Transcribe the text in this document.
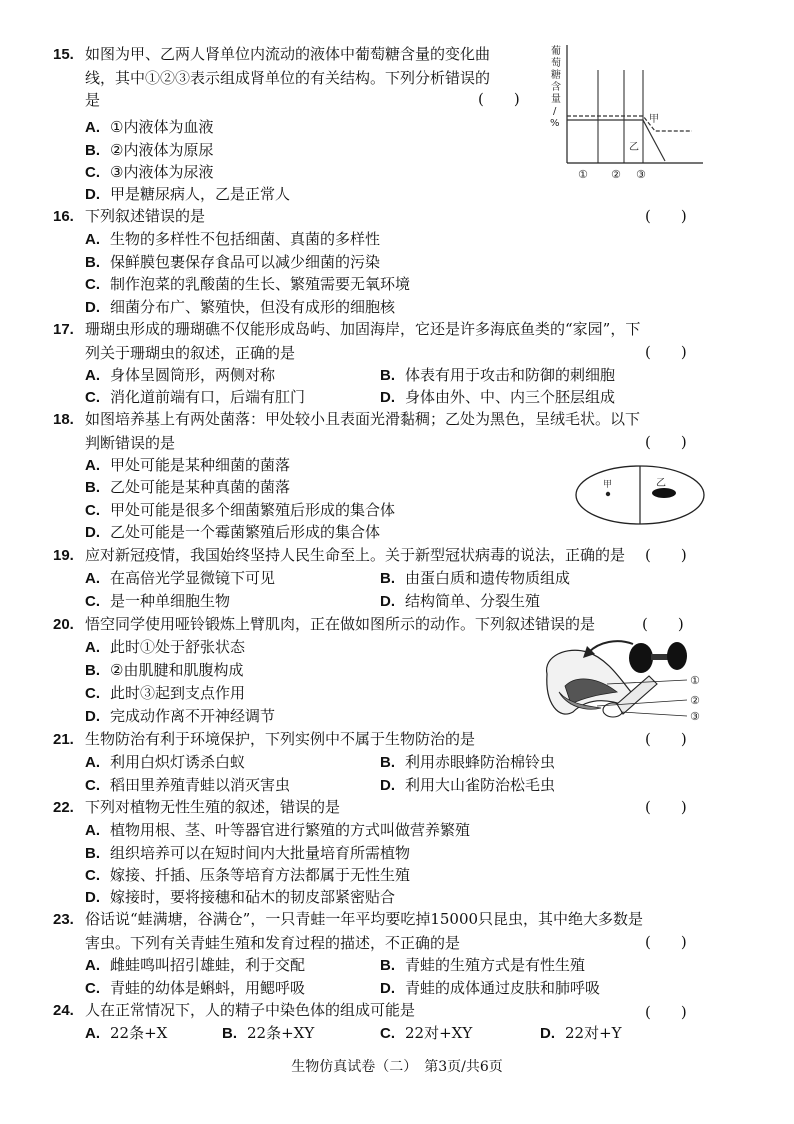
15. 如图为甲、乙两人肾单位内流动的液体中葡萄糖含量的变化曲
线，其中①②③表示组成肾单位的有关结构。下列分析错误的
是	(　　)
A. ①内液体为血液
B. ②内液体为原尿
C. ③内液体为尿液
D. 甲是糖尿病人，乙是正常人
葡
萄
糖
含
量
/
%	甲
乙
① ② ③
16. 下列叙述错误的是	(　　)
A. 生物的多样性不包括细菌、真菌的多样性
B. 保鲜膜包裹保存食品可以减少细菌的污染
C. 制作泡菜的乳酸菌的生长、繁殖需要无氧环境
D. 细菌分布广、繁殖快，但没有成形的细胞核
17. 珊瑚虫形成的珊瑚礁不仅能形成岛屿、加固海岸，它还是许多海底鱼类的“家园”，下
列关于珊瑚虫的叙述，正确的是	(　　)
A. 身体呈圆筒形，两侧对称	B. 体表有用于攻击和防御的刺细胞
C. 消化道前端有口，后端有肛门	D. 身体由外、中、内三个胚层组成
18. 如图培养基上有两处菌落：甲处较小且表面光滑黏稠；乙处为黑色，呈绒毛状。以下
判断错误的是	(　　)
A. 甲处可能是某种细菌的菌落
B. 乙处可能是某种真菌的菌落
C. 甲处可能是很多个细菌繁殖后形成的集合体
D. 乙处可能是一个霉菌繁殖后形成的集合体
甲	乙
19. 应对新冠疫情，我国始终坚持人民生命至上。关于新型冠状病毒的说法，正确的是 (　　)
A. 在高倍光学显微镜下可见	B. 由蛋白质和遗传物质组成
C. 是一种单细胞生物	D. 结构简单、分裂生殖
20. 悟空同学使用哑铃锻炼上臂肌肉，正在做如图所示的动作。下列叙述错误的是	(　　)
A. 此时①处于舒张状态
B. ②由肌腱和肌腹构成
C. 此时③起到支点作用
D. 完成动作离不开神经调节
①
②
③
21. 生物防治有利于环境保护，下列实例中不属于生物防治的是	(　　)
A. 利用白炽灯诱杀白蚁	B. 利用赤眼蜂防治棉铃虫
C. 稻田里养殖青蛙以消灭害虫	D. 利用大山雀防治松毛虫
22. 下列对植物无性生殖的叙述，错误的是	(　　)
A. 植物用根、茎、叶等器官进行繁殖的方式叫做营养繁殖
B. 组织培养可以在短时间内大批量培育所需植物
C. 嫁接、扦插、压条等培育方法都属于无性生殖
D. 嫁接时，要将接穗和砧木的韧皮部紧密贴合
23. 俗话说“蛙满塘，谷满仓”，一只青蛙一年平均要吃掉15000只昆虫，其中绝大多数是
害虫。下列有关青蛙生殖和发育过程的描述，不正确的是	(　　)
A. 雌蛙鸣叫招引雄蛙，利于交配	B. 青蛙的生殖方式是有性生殖
C. 青蛙的幼体是蝌蚪，用鳃呼吸	D. 青蛙的成体通过皮肤和肺呼吸
24. 人在正常情况下，人的精子中染色体的组成可能是	(　　)
A. 22条+X	B. 22条+XY	C. 22对+XY	D. 22对+Y
生物仿真试卷（二）　第3页/共6页
